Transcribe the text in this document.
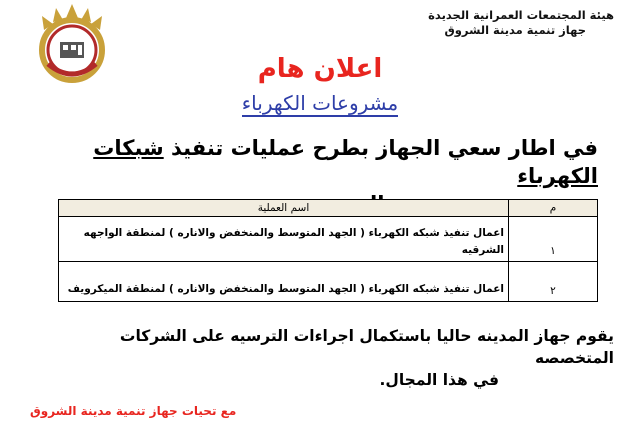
هيئة المجتمعات العمرانية الجديدة
جهاز تنمية مدينة الشروق
اعلان هام
مشروعات الكهرباء
في اطار سعي الجهاز بطرح عمليات تنفيذ شبكات الكهرباء
بالمدينة:	م	اسم العملية
١	اعمال تنفيذ شبكه الكهرباء ( الجهد المتوسط والمنخفض والاناره ) لمنطقة الواجهه الشرقيه
٢	اعمال تنفيذ شبكه الكهرباء ( الجهد المتوسط والمنخفض والاناره ) لمنطقة الميكرويف
يقوم جهاز المدينه حاليا باستكمال اجراءات الترسيه على الشركات المتخصصه
في هذا المجال.
مع تحيات جهاز تنمية مدينة الشروق
